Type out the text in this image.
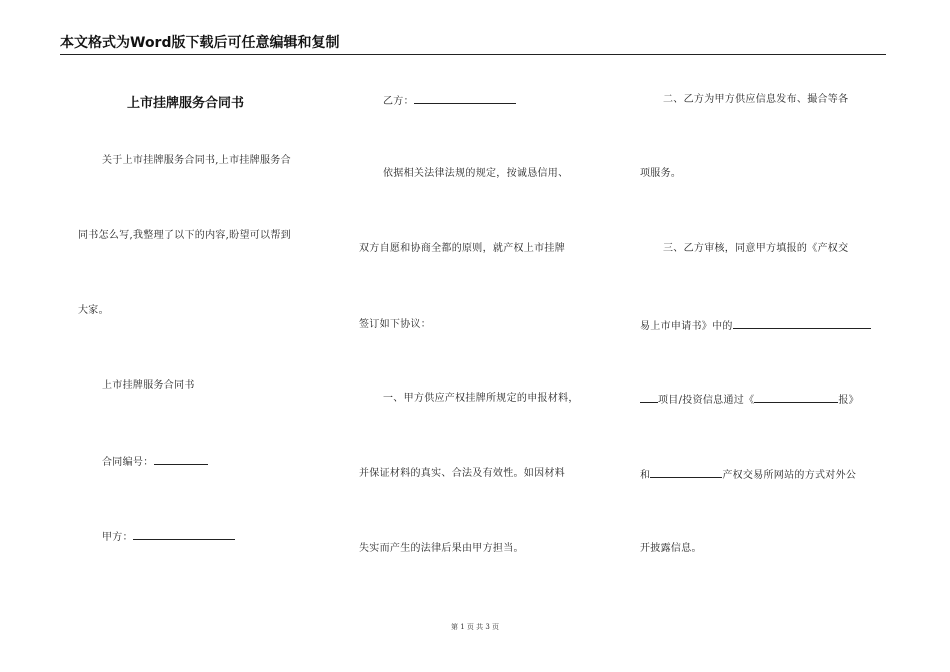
本文格式为Word版下载后可任意编辑和复制
上市挂牌服务合同书
关于上市挂牌服务合同书,上市挂牌服务合
同书怎么写,我整理了以下的内容,盼望可以帮到
大家。
上市挂牌服务合同书
合同编号：
甲方：
乙方：
依据相关法律法规的规定，按诚恳信用、
双方自愿和协商全都的原则，就产权上市挂牌
签订如下协议：
一、甲方供应产权挂牌所规定的申报材料，
并保证材料的真实、合法及有效性。如因材料
失实而产生的法律后果由甲方担当。
二、乙方为甲方供应信息发布、撮合等各
项服务。
三、乙方审核，同意甲方填报的《产权交
易上市申请书》中的
项目/投资信息通过《	报》
和	产权交易所网站的方式对外公
开披露信息。
第 1 页 共 3 页
